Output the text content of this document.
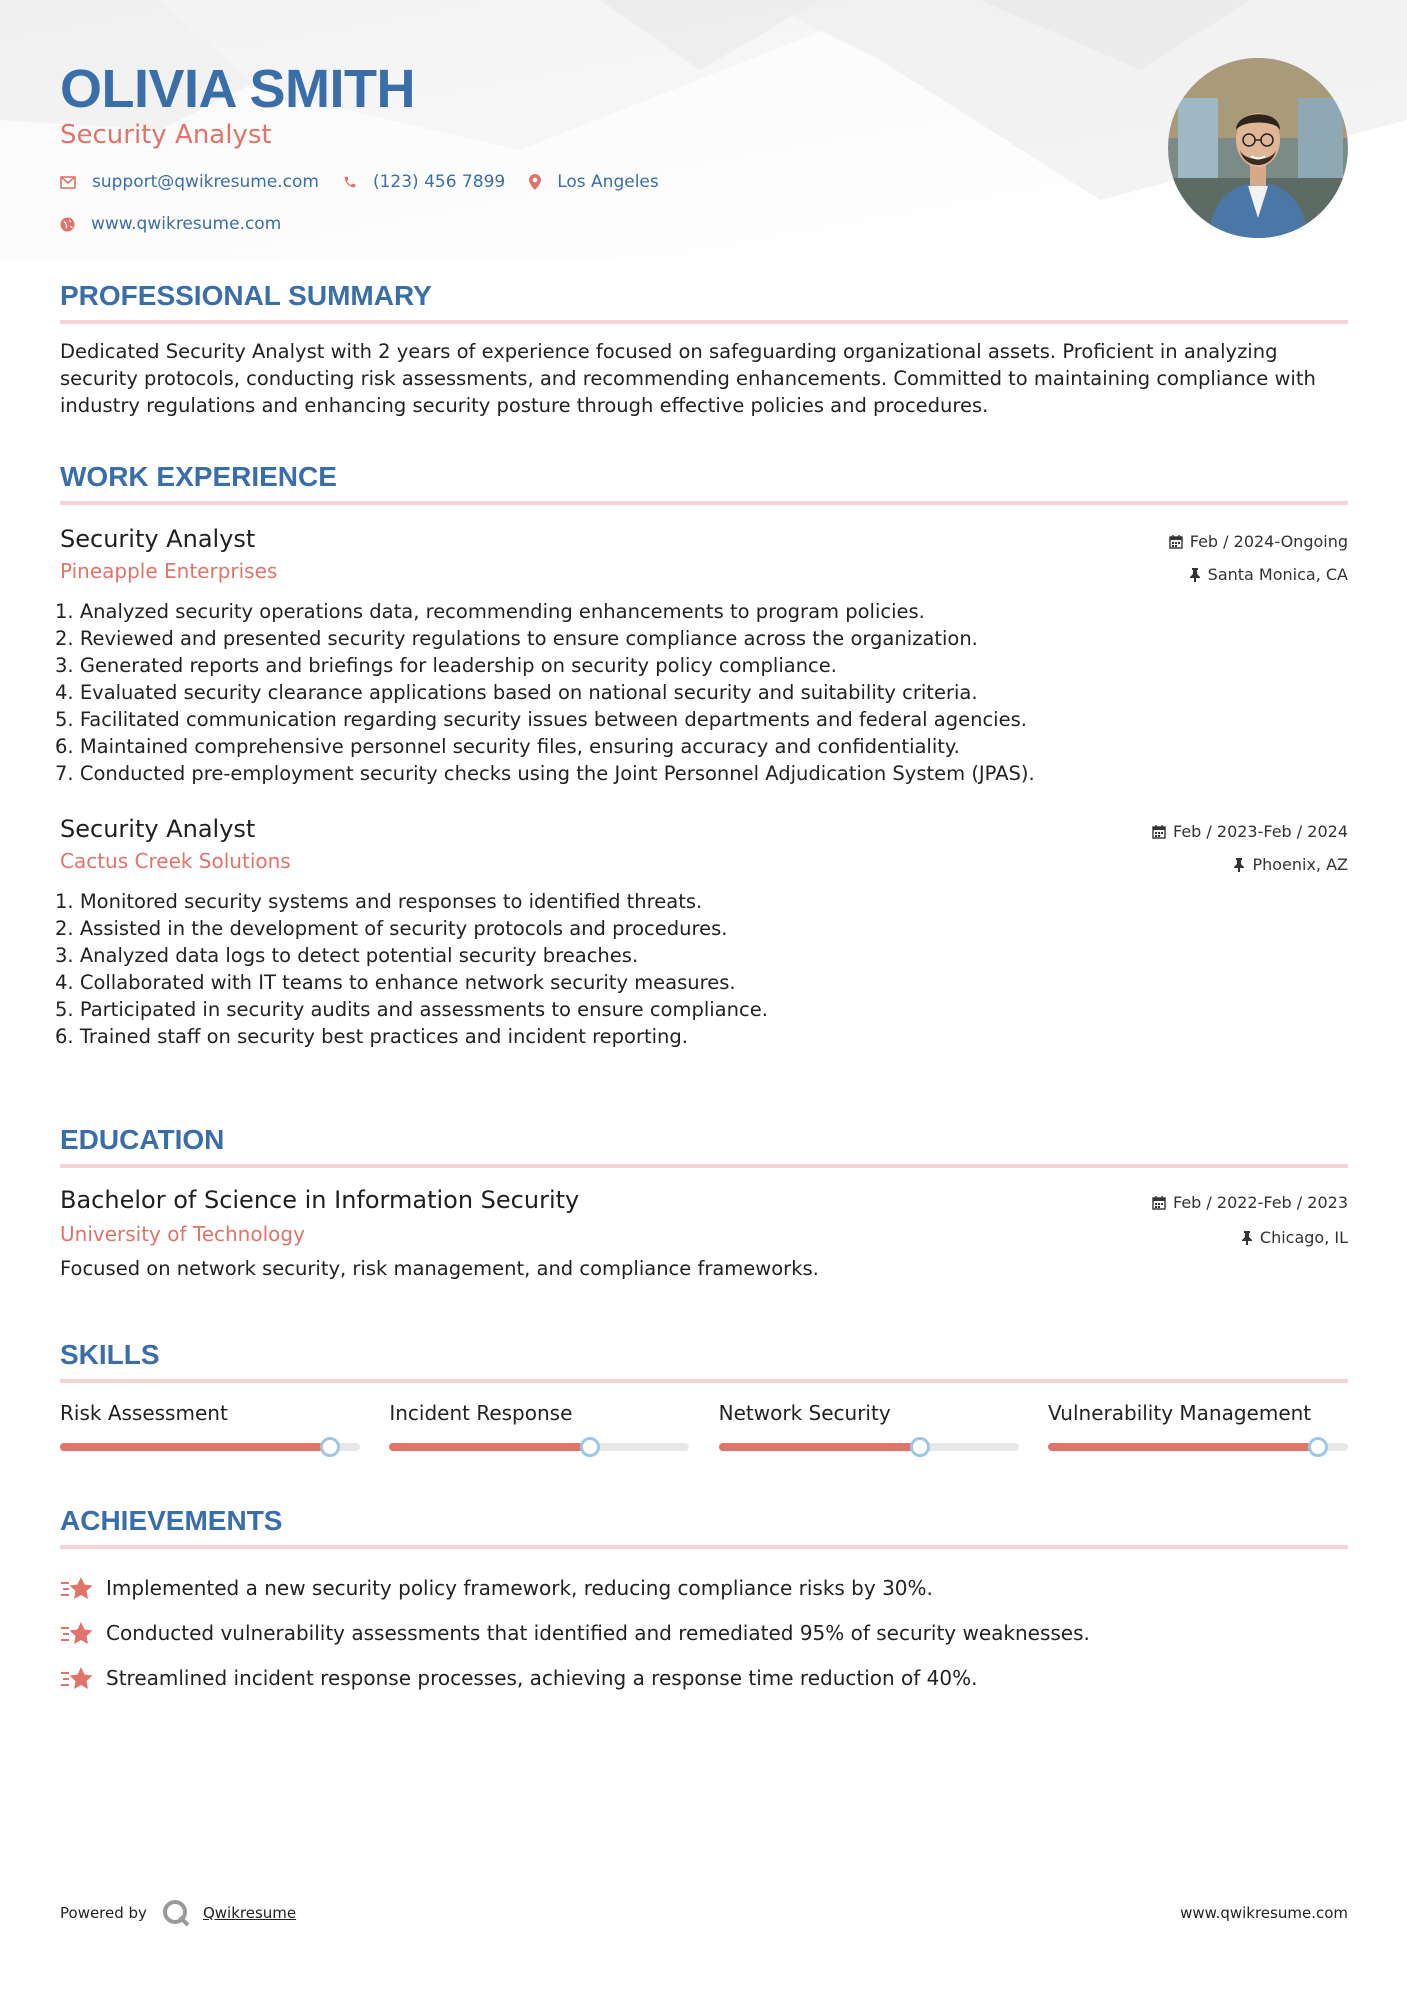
OLIVIA SMITH

Security Analyst

support@qwikresume.com	(123) 456 7899	Los Angeles
www.qwikresume.com
PROFESSIONAL SUMMARY

Dedicated Security Analyst with 2 years of experience focused on safeguarding organizational assets. Proficient in analyzing security protocols, conducting risk assessments, and recommending enhancements. Committed to maintaining compliance with industry regulations and enhancing security posture through effective policies and procedures.

WORK EXPERIENCE

Security Analyst

Pineapple Enterprises

Feb / 2024-Ongoing
Santa Monica, CA
Analyzed security operations data, recommending enhancements to program policies.
Reviewed and presented security regulations to ensure compliance across the organization.
Generated reports and briefings for leadership on security policy compliance.
Evaluated security clearance applications based on national security and suitability criteria.
Facilitated communication regarding security issues between departments and federal agencies.
Maintained comprehensive personnel security files, ensuring accuracy and confidentiality.
Conducted pre-employment security checks using the Joint Personnel Adjudication System (JPAS).

Security Analyst

Cactus Creek Solutions

Feb / 2023-Feb / 2024
Phoenix, AZ
Monitored security systems and responses to identified threats.
Assisted in the development of security protocols and procedures.
Analyzed data logs to detect potential security breaches.
Collaborated with IT teams to enhance network security measures.
Participated in security audits and assessments to ensure compliance.
Trained staff on security best practices and incident reporting.
EDUCATION

Bachelor of Science in Information Security

University of Technology

Feb / 2022-Feb / 2023
Chicago, IL

Focused on network security, risk management, and compliance frameworks.

SKILLS
Risk Assessment	Incident Response	Network Security	Vulnerability Management
ACHIEVEMENTS
Implemented a new security policy framework, reducing compliance risks by 30%.
Conducted vulnerability assessments that identified and remediated 95% of security weaknesses.
Streamlined incident response processes, achieving a response time reduction of 40%.
Powered by	Qwikresume	www.qwikresume.com
